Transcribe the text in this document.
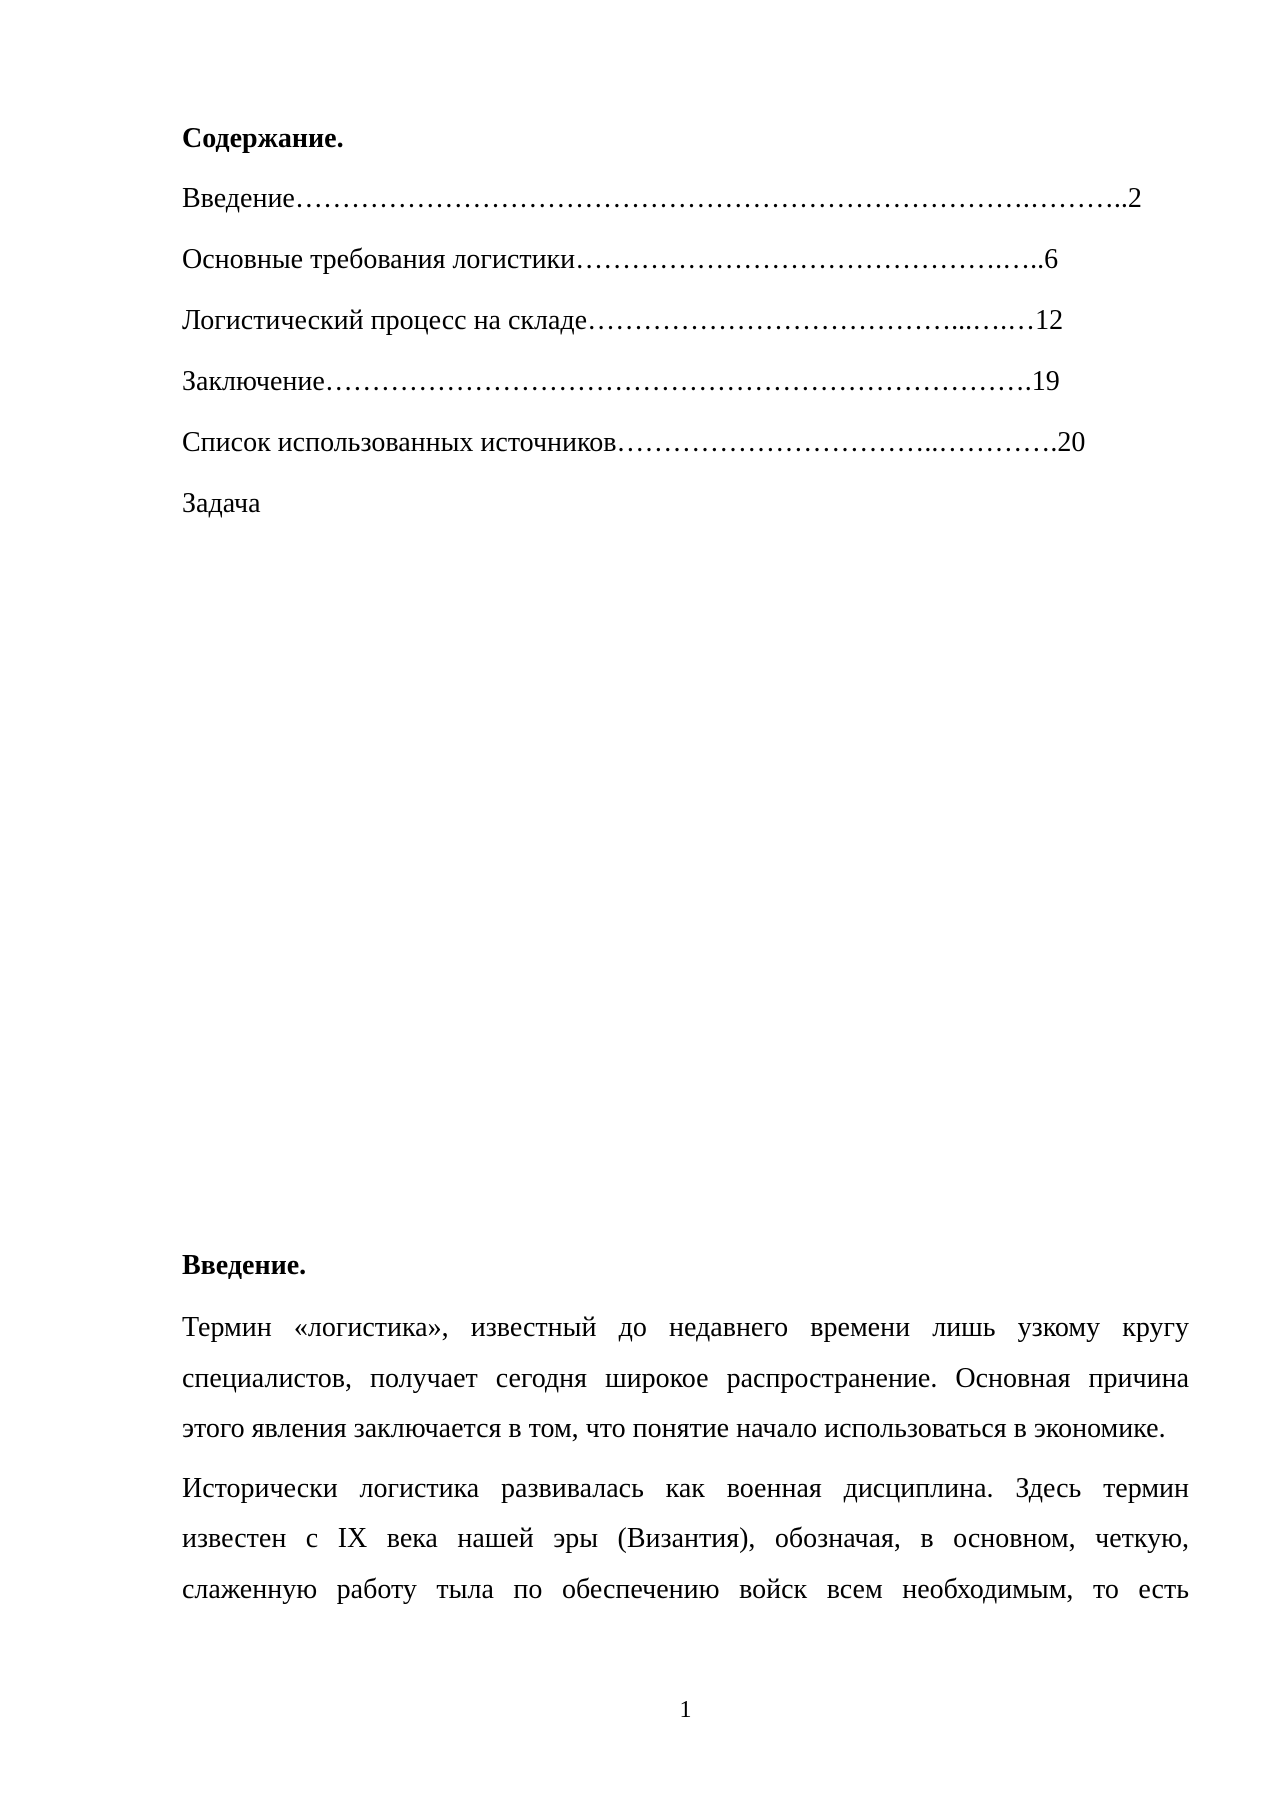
Содержание.
Введение…………………………………………………………………….………..2
Основные требования логистики……………………………………….…..6
Логистический процесс на складе…………………………………...….…12
Заключение………………………………………………………………….19
Список использованных источников……………………………..………….20
Задача
Введение.

Термин «логистика», известный до недавнего времени лишь узкому кругу специалистов, получает сегодня широкое распространение. Основная причина этого явления заключается в том, что понятие начало использоваться в экономике.

Исторически логистика развивалась как военная дисциплина. Здесь термин известен с IX века нашей эры (Византия), обозначая, в основном, четкую, слаженную работу тыла по обеспечению войск всем необходимым, то есть

1
